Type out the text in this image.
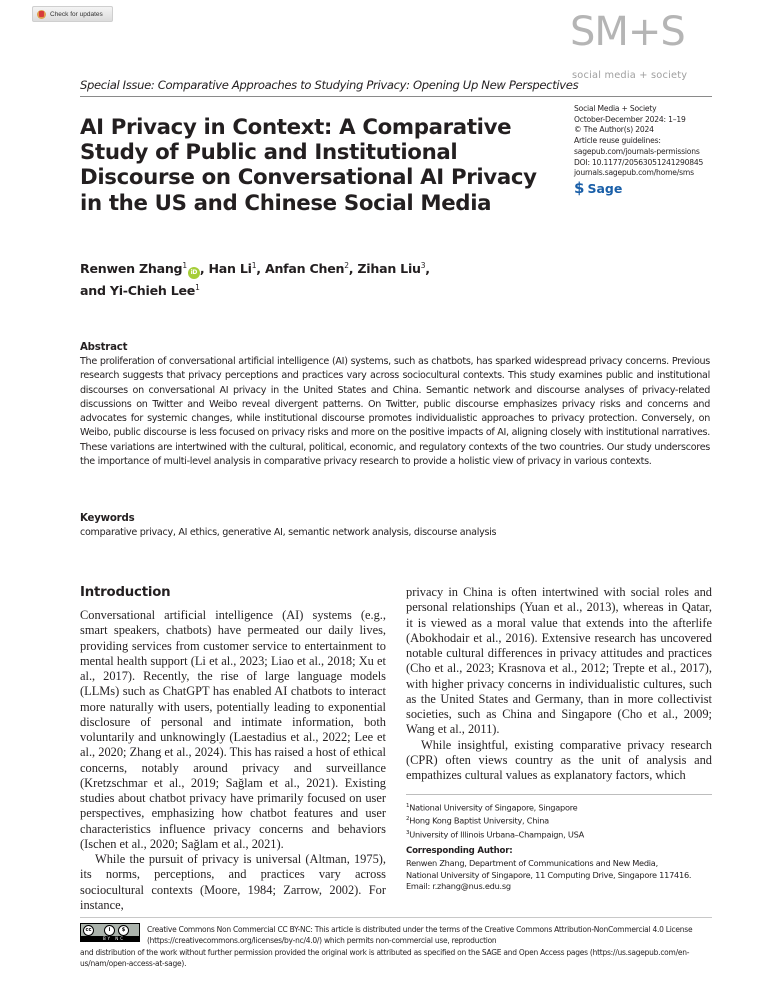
Check for updates
Special Issue: Comparative Approaches to Studying Privacy: Opening Up New Perspectives
SM+S
social media + society
Social Media + Society
October-December 2024: 1–19
© The Author(s) 2024
Article reuse guidelines:
sagepub.com/journals-permissions
DOI: 10.1177/20563051241290845
journals.sagepub.com/home/sms
$ Sage
AI Privacy in Context: A Comparative Study of Public and Institutional Discourse on Conversational AI Privacy in the US and Chinese Social Media
Renwen Zhang$^1$iD , Han Li$^1$, Anfan Chen$^2$, Zihan Liu$^3$,
and Yi-Chieh Lee$^1$
Abstract
The proliferation of conversational artificial intelligence (AI) systems, such as chatbots, has sparked widespread privacy concerns. Previous research suggests that privacy perceptions and practices vary across sociocultural contexts. This study examines public and institutional discourses on conversational AI privacy in the United States and China. Semantic network and discourse analyses of privacy-related discussions on Twitter and Weibo reveal divergent patterns. On Twitter, public discourse emphasizes privacy risks and concerns and advocates for systemic changes, while institutional discourse promotes individualistic approaches to privacy protection. Conversely, on Weibo, public discourse is less focused on privacy risks and more on the positive impacts of AI, aligning closely with institutional narratives. These variations are intertwined with the cultural, political, economic, and regulatory contexts of the two countries. Our study underscores the importance of multi-level analysis in comparative privacy research to provide a holistic view of privacy in various contexts.
Keywords
comparative privacy, AI ethics, generative AI, semantic network analysis, discourse analysis
Introduction

Conversational artificial intelligence (AI) systems (e.g., smart speakers, chatbots) have permeated our daily lives, providing services from customer service to entertainment to mental health support (Li et al., 2023; Liao et al., 2018; Xu et al., 2017). Recently, the rise of large language models (LLMs) such as ChatGPT has enabled AI chatbots to interact more naturally with users, potentially leading to exponential disclosure of personal and intimate information, both voluntarily and unknowingly (Laestadius et al., 2022; Lee et al., 2020; Zhang et al., 2024). This has raised a host of ethical concerns, notably around privacy and surveillance (Kretzschmar et al., 2019; Sağlam et al., 2021). Existing studies about chatbot privacy have primarily focused on user perspectives, emphasizing how chatbot features and user characteristics influence privacy concerns and behaviors (Ischen et al., 2020; Sağlam et al., 2021).

While the pursuit of privacy is universal (Altman, 1975), its norms, perceptions, and practices vary across sociocultural contexts (Moore, 1984; Zarrow, 2002). For instance,

privacy in China is often intertwined with social roles and personal relationships (Yuan et al., 2013), whereas in Qatar, it is viewed as a moral value that extends into the afterlife (Abokhodair et al., 2016). Extensive research has uncovered notable cultural differences in privacy attitudes and practices (Cho et al., 2023; Krasnova et al., 2012; Trepte et al., 2017), with higher privacy concerns in individualistic cultures, such as the United States and Germany, than in more collectivist societies, such as China and Singapore (Cho et al., 2009; Wang et al., 2011).

While insightful, existing comparative privacy research (CPR) often views country as the unit of analysis and empathizes cultural values as explanatory factors, which

$^1$National University of Singapore, Singapore
$^2$Hong Kong Baptist University, China
$^3$University of Illinois Urbana–Champaign, USA
Corresponding Author:
Renwen Zhang, Department of Communications and New Media,
National University of Singapore, 11 Computing Drive, Singapore 117416.
Email: r.zhang@nus.edu.sg
cc	i	$
BY NC
Creative Commons Non Commercial CC BY-NC: This article is distributed under the terms of the Creative Commons Attribution-NonCommercial 4.0 License (https://creativecommons.org/licenses/by-nc/4.0/) which permits non-commercial use, reproduction
and distribution of the work without further permission provided the original work is attributed as specified on the SAGE and Open Access pages (https://us.sagepub.com/en-us/nam/open-access-at-sage).
